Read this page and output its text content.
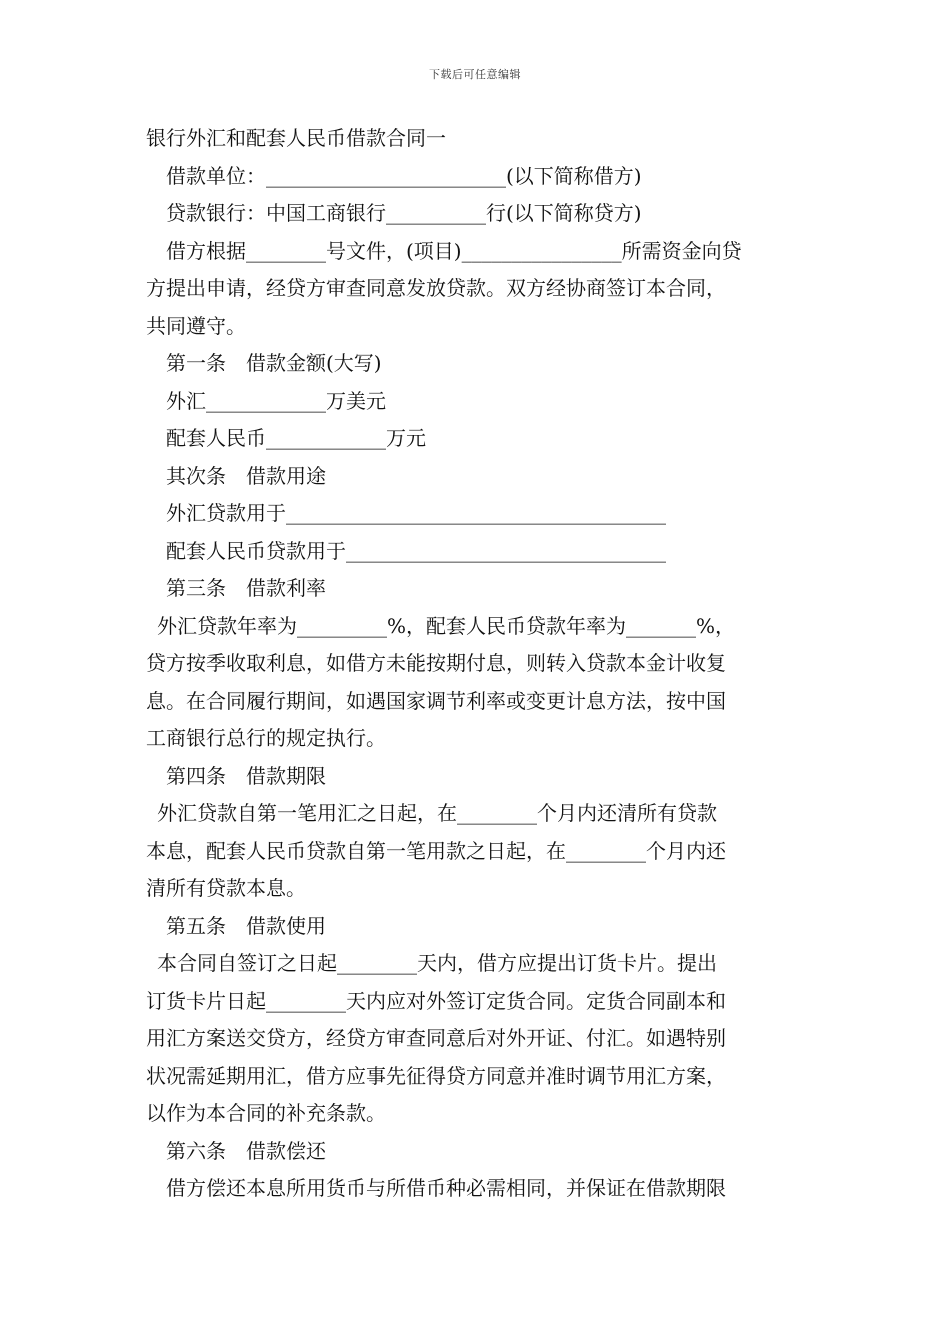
下载后可任意编辑
银行外汇和配套人民币借款合同一
借款单位：________________________(以下简称借方)
贷款银行：中国工商银行__________行(以下简称贷方)
借方根据________号文件，(项目)________________所需资金向贷
方提出申请，经贷方审查同意发放贷款。双方经协商签订本合同，
共同遵守。
第一条　借款金额(大写)
外汇____________万美元
配套人民币____________万元
其次条　借款用途
外汇贷款用于______________________________________
配套人民币贷款用于________________________________
第三条　借款利率
外汇贷款年率为_________%，配套人民币贷款年率为_______%，
贷方按季收取利息，如借方未能按期付息，则转入贷款本金计收复
息。在合同履行期间，如遇国家调节利率或变更计息方法，按中国
工商银行总行的规定执行。
第四条　借款期限
外汇贷款自第一笔用汇之日起，在________个月内还清所有贷款
本息，配套人民币贷款自第一笔用款之日起，在________个月内还
清所有贷款本息。
第五条　借款使用
本合同自签订之日起________天内，借方应提出订货卡片。提出
订货卡片日起________天内应对外签订定货合同。定货合同副本和
用汇方案送交贷方，经贷方审查同意后对外开证、付汇。如遇特别
状况需延期用汇，借方应事先征得贷方同意并准时调节用汇方案，
以作为本合同的补充条款。
第六条　借款偿还
借方偿还本息所用货币与所借币种必需相同，并保证在借款期限
